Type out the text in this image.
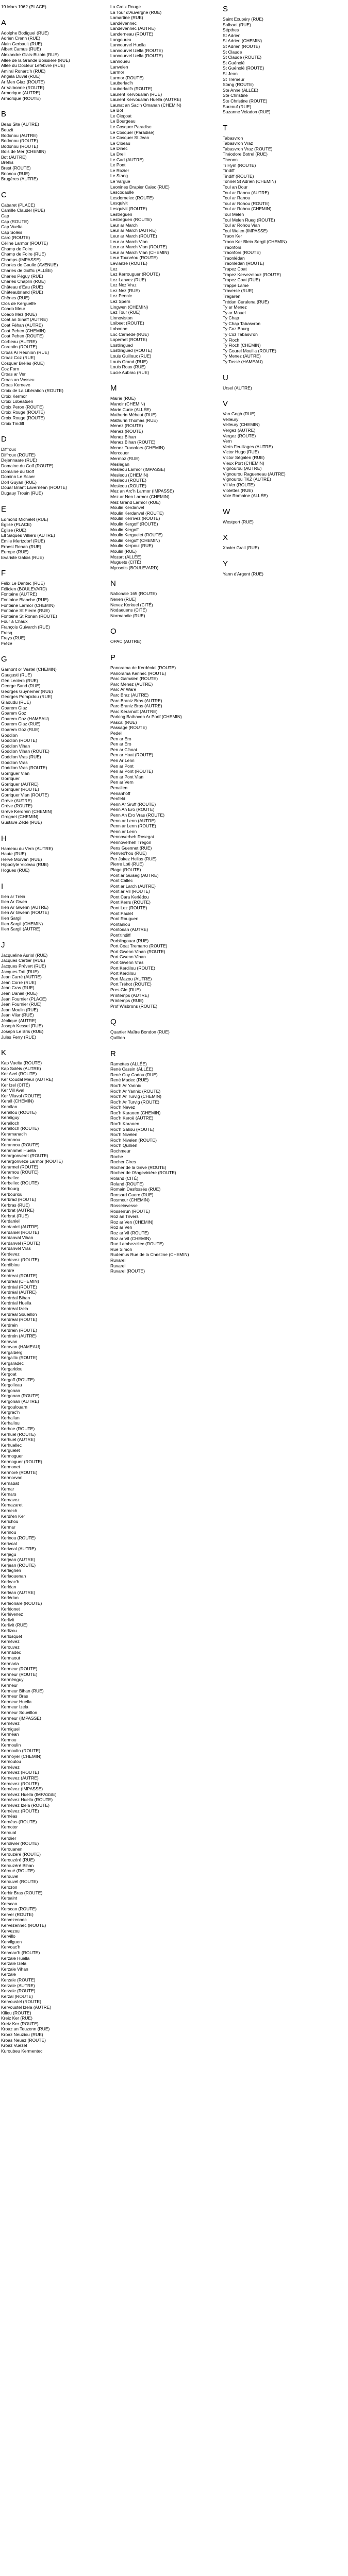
19 Mars 1962 (PLACE)
A
Adolphe Bodiguel (RUE)
Adrien Crenn (RUE)
Alain Gerbault (RUE)
Albert Camus (RUE)
Alexandre Glais-Bizoin (RUE)
Allée de la Grande Boissière (RUE)
Allée du Docteur Lefebvre (RUE)
Amiral Ronarc'h (RUE)
Angela Duval (RUE)
Ar Men Glaz (ROUTE)
Ar Valbonne (ROUTE)
Armorique (AUTRE)
Armorique (ROUTE)
B
Beau Site (AUTRE)
Beuzit
Bodonou (AUTRE)
Bodonou (ROUTE)
Bodonou (ROUTE)
Bois de Mer (CHEMIN)
Bot (AUTRE)
Bréhis
Brest (ROUTE)
Brionou (RUE)
Brugères (AUTRE)
C
Cabaret (PLACE)
Camille Claudel (RUE)
Cap
Cap (ROUTE)
Cap Vuelta
Cap Solèis
Caro (ROUTE)
Céline Larmor (ROUTE)
Champ de Foire
Champ de Foire (RUE)
Champs (IMPASSE)
Charles de Gaulle (AVENUE)
Charles de Goffic (ALLÉE)
Charles Péguy (RUE)
Charles Chaplin (RUE)
Château d'Eau (RUE)
Châteaubriand (RUE)
Chênes (RUE)
Clos de Kerguelfe
Coado Meur
Coado Mez (RUE)
Coat an Sinaff (AUTRE)
Coat Féhan (AUTRE)
Coat Pehen (CHEMIN)
Coat Pehen (ROUTE)
Corbeau (AUTRE)
Corentin (ROUTE)
Croas Ar Réunion (RUE)
Croaz Coz (RUE)
Cosquer Brélès (RUE)
Coz Forn
Croas ar Ver
Croas an Vosseu
Croas Kerneve
Croix de La Libération (ROUTE)
Croix Kermor
Croix Lobeatuen
Croix Peron (ROUTE)
Croix Rouge (ROUTE)
Croix Rouge (ROUTE)
Croix Tindiff
D
Diffroux
Diffroux (ROUTE)
Dejennaare (RUE)
Domaine du Golf (ROUTE)
Domaine du Golf
Dominn Le Scaer
Dorl Guyan (RUE)
Douar Briant Lavernéan (ROUTE)
Dugauy Trouin (RUE)
E
Edmond Michelet (RUE)
Église (PLACE)
Église (RUE)
Ell Saques Villiers (AUTRE)
Emile Mertzdorf (RUE)
Ernest Renan (RUE)
Europe (RUE)
Evariste Galois (RUE)
F
Félix Le Dantec (RUE)
Félicien (BOULEVARD)
Fontaine (AUTRE)
Fontaine Blanche (RUE)
Fontaine Larmor (CHEMIN)
Fontaine St Pierre (RUE)
Fontaine St Ronan (ROUTE)
Four à Chaux
François Guivarch (RUE)
Fresq
Freys (RUE)
Frézé
G
Garnont or Vestel (CHEMIN)
Gaugusti (RUE)
Gén Leclerc (RUE)
George Sand (RUE)
Georges Guynemer (RUE)
Georges Pompidou (RUE)
Glaoudu (RUE)
Goarem Glaz
Goarem Goz
Goarem Goz (HAMEAU)
Goarem Glaz (RUE)
Goarem Goz (RUE)
Goddion
Goddion (ROUTE)
Goddion Vihan
Goddion Vihan (ROUTE)
Goddion Vras (RUE)
Goddion Vras
Goddion Vras (ROUTE)
Gorriguer Vian
Gorriquer
Gorriquer (AUTRE)
Gorriquer (ROUTE)
Gorriquer Vian (ROUTE)
Grève (AUTRE)
Grève (ROUTE)
Grève Kerdrein (CHEMIN)
Grognet (CHEMIN)
Gustave Zédé (RUE)
H
Hameau du Vern (AUTRE)
Haute (RUE)
Hervé Morvan (RUE)
Hippolyte Violeau (RUE)
Hogues (RUE)
I
Ilien ar Trein
Ilien Ar Gwen
Ilien Ar Gwenn (AUTRE)
Ilien Ar Gwenn (ROUTE)
Ilien Sargil
Ilien Sargil (CHEMIN)
Ilien Sargil (AUTRE)
J
Jacqueline Auriol (RUE)
Jacques Cartier (RUE)
Jacques Prévert (RUE)
Jacques Tati (RUE)
Jean Carré (AUTRE)
Jean Corre (RUE)
Jean Cras (RUE)
Jean Daniel (RUE)
Jean Fournier (PLACE)
Jean Fournier (RUE)
Jean Moulin (RUE)
Jean Vilar (RUE)
Jéolique (AUTRE)
Joseph Kessel (RUE)
Joseph Le Bris (RUE)
Jules Ferry (RUE)
K
Kap Vuelta (ROUTE)
Kap Solèis (AUTRE)
Ker Avel (ROUTE)
Ker Coudal Meur (AUTRE)
Ker Izel (CITÉ)
Ker Vill Aval
Ker Vilaval (ROUTE)
Kerall (CHEMIN)
Kerallan
Kerallou (ROUTE)
Keraliguy
Keralloch
Keralloch (ROUTE)
Keramanac'h
Kerannou
Kerannou (ROUTE)
Kerannmel Huella
Kerargonveret (ROUTE)
Kerargonveze Larmor (ROUTE)
Kerarmel (ROUTE)
Kerarnou (ROUTE)
Kerbellec
Kerbellec (ROUTE)
Kerbourg
Kerbouriou
Kerbrad (ROUTE)
Kerbras (RUE)
Kerbrat (AUTRE)
Kerbrat (RUE)
Kerdaniel
Kerdaniel (AUTRE)
Kerdaniel (ROUTE)
Kerdanval Vihan
Kerdanvel (ROUTE)
Kerdanvel Vras
Kerdevez
Kerdevez (ROUTE)
Kerdibiou
Kerdré
Kerdreat (ROUTE)
Kerdréal (CHEMIN)
Kerdréal (ROUTE)
Kerdréal (AUTRE)
Kerdréal Bihan
Kerdréal Huella
Kerdréal Izela
Kerdréal Soueillon
Kerdréal (ROUTE)
Kerdrein
Kerdrein (ROUTE)
Kerdrein (AUTRE)
Keravan
Keravan (HAMEAU)
Kergalberg
Kergallic (ROUTE)
Kergaradec
Kergaridou
Kergoat
Kergoff (ROUTE)
Kergolleau
Kergonan
Kergonan (ROUTE)
Kergonan (AUTRE)
Kergoulouarn
Kergrac'h
Kerhallan
Kerhallou
Kerhoe (ROUTE)
Kerhuel (ROUTE)
Kerhuel (AUTRE)
Kerhuellec
Kerguelet
Kermoguer
Kermoguer (ROUTE)
Kermonet
Kermoré (ROUTE)
Kermorvan
Kernabat
Kernar
Kernars
Kernavez
Kernazaret
Kernech
Kerdi'en Ker
Kerichou
Kermar
Kerinou
Kerinou (ROUTE)
Kerivoal
Kerivoal (AUTRE)
Kerjagu
Kerjean (AUTRE)
Kerjean (ROUTE)
Kerlaghen
Kerlaouenan
Kerleac'h
Kerléan
Kerléan (AUTRE)
Kerlédan
Kerléonaré (ROUTE)
Kerléonet
Kerlévenez
Kerlivit
Kerlivit (RUE)
Kerlizou
Kerlosquet
Kernévez
Kerouvez
Kermadec
Kermaout
Kermaria
Kermeur (ROUTE)
Kermeur (ROUTE)
Kerménguy
Kermeur
Kermeur Bihan (RUE)
Kermeur Bras
Kermeur Huella
Kermeur Izela
Kermeur Soueillon
Kermeur (IMPASSE)
Kernévez
Kerniguel
Kerméan
Kermou
Kermoulin
Kermoulin (ROUTE)
Kermoyer (CHEMIN)
Kernoulou
Kernévez
Kernévez (ROUTE)
Kernevez (AUTRE)
Kernevez (ROUTE)
Kernévez (IMPASSE)
Kernévez Huella (IMPASSE)
Kernévez Huella (ROUTE)
Kernévez Izela (ROUTE)
Kernévez (ROUTE)
Kernéas
Kernéas (ROUTE)
Kernoter
Keroual
Kerolier
Kerolivier (ROUTE)
Kerouanen
Kerouzéré (ROUTE)
Kerouzéré (RUE)
Kerouzéré Bihan
Kéroué (ROUTE)
Kerouvel
Kerouvel (ROUTE)
Kerozon
Kerhir Bras (ROUTE)
Kersaint
Kerscao
Kerscao (ROUTE)
Kerver (ROUTE)
Kervezennec
Kervezennec (ROUTE)
Kervezou
Kervillo
Kervilguen
Kervoac'h
Kervoac'h (ROUTE)
Kerzale Huella
Kerzale Izela
Kerzale Vihan
Kerzale
Kerzale (ROUTE)
Kerzale (AUTRE)
Kerzale (ROUTE)
Kerzal (ROUTE)
Kervoustel (ROUTE)
Kervoustel Izela (AUTRE)
Kilieu (ROUTE)
Kreiz Ker (RUE)
Kreiz Ker (ROUTE)
Kroaz an Teuzenn (RUE)
Kroaz Neuziou (RUE)
Kroas Neuez (ROUTE)
Kroaz Vuezel
Kuroubeu Kermentec
La Croix Rouge
La Tour d'Auvergne (RUE)
Lamartine (RUE)
Landévennec
Landevennec (AUTRE)
Landerneau (ROUTE)
Langoureu
Lannourvel Huella
Lannourvel Izella (ROUTE)
Lannourvel Izella (ROUTE)
Lannoueu
Lanvelen
Larmor
Larmor (ROUTE)
Lauberlac'h
Lauberlac'h (ROUTE)
Laurent Kervoualan (RUE)
Laurent Kervoualan Huella (AUTRE)
Launat an Sac'h Omanan (CHEMIN)
Le Bot
Le Clegoat
Le Bourgeau
Le Cosquer Paradise
Le Cosquer (Paradise)
Le Cosquer St Jean
Le Cibeau
Le Dinec
Le Drell
Le Gad (AUTRE)
Le Pont
Le Rozier
Le Stang
Le Vargue
Leonines Drapier Calec (RUE)
Lescodaulle
Lesdornelec (ROUTE)
Lesquivit
Lesquivit (ROUTE)
Lestreguen
Lestreguen (ROUTE)
Leur ar March
Leur ar March (AUTRE)
Leur ar March (ROUTE)
Leur ar March Vian
Leur ar March Vian (ROUTE)
Leur ar March Vian (CHEMIN)
Leur Tourvéou (ROUTE)
Lévianzé (ROUTE)
Lez
Lez Kerrouguer (ROUTE)
Lez Lanvez (RUE)
Lez Nez Vraz
Lez Nez (RUE)
Lez Pennic
Lez Spern
Lingwen (CHEMIN)
Lez Tour (RUE)
Linnoviston
Loibeet (ROUTE)
Lobonne
Loc Carnéde (RUE)
Loperhet (ROUTE)
Lostlingued
Lostlingued (ROUTE)
Louis Guilloux (RUE)
Louis Grand (RUE)
Louis Roux (RUE)
Lucie Aubrac (RUE)
M
Mairie (RUE)
Manoir (CHEMIN)
Marie Curie (ALLÉE)
Mathurin Méheut (RUE)
Mathurin Thomas (RUE)
Menez (ROUTE)
Menez (ROUTE)
Menez Bihan
Menez Bihan (ROUTE)
Menez Traonfors (CHEMIN)
Mercouer
Mermoz (RUE)
Meslegan
Mesleou Larmor (IMPASSE)
Mesleou (CHEMIN)
Mesleou (ROUTE)
Mesleou (ROUTE)
Mez an Arc'h Larmor (IMPASSE)
Mez ar Nen Larmor (CHEMIN)
Mez Grand Larmor (RUE)
Moulin Kerdanvel
Moulin Kerdanvel (ROUTE)
Moulin Kerrivez (ROUTE)
Moulin Kergoff (ROUTE)
Moulin Kergoff
Moulin Kerguelet (ROUTE)
Moulin Kergoff (CHEMIN)
Moulin Kerpoul (RUE)
Moulin (RUE)
Mozart (ALLÉE)
Muguets (CITÉ)
Myosotis (BOULEVARD)
N
Nationale 165 (ROUTE)
Neven (RUE)
Nevez Kerkuel (CITÉ)
Nodaeuens (CITÉ)
Normandie (RUE)
O
OPAC (AUTRE)
P
Panorama de Kerdéniel (ROUTE)
Panorama Kerinec (ROUTE)
Parc Gamalen (ROUTE)
Parc Menez (AUTRE)
Parc Ar Ware
Parc Braz (AUTRE)
Parc Braniz Bras (AUTRE)
Parc Braniz Bras (AUTRE)
Parc Kerarnott (AUTRE)
Parking Bathaven Ar Porif (CHEMIN)
Pascal (RUE)
Passage (ROUTE)
Pedel
Pen ar Ero
Pen ar Ero
Pen ar C'hoat
Pen ar Hoat (ROUTE)
Pen Ar Lenn
Pen ar Pont
Pen ar Pont (ROUTE)
Pen ar Pont Vian
Pen ar Vern
Penallen
Penanhoff
Penfeld
Penn Ar Sruff (ROUTE)
Penn An Ero (ROUTE)
Penn An Ero Vras (ROUTE)
Penn ar Lenn (AUTRE)
Penn ar Lenn (ROUTE)
Penn ar Lenn
Pennoverheh Rosegat
Pennoverheh Tregon
Pens Guennet (RUE)
Penveo'hou (RUE)
Per Jakez Helias (RUE)
Pierre Loti (RUE)
Plage (ROUTE)
Pont ar Guiseg (AUTRE)
Pont Callec
Pont ar Larch (AUTRE)
Pont ar Vil (ROUTE)
Pont Cara Kerlédou
Pont Kerrs (ROUTE)
Pont Lez (ROUTE)
Pont Paulet
Pont Rouguen
Pontaniou
Pontorian (AUTRE)
Pont'tindiff
Porblingouar (RUE)
Port Coat Tremarro (ROUTE)
Port Gwenn Vihan (ROUTE)
Port Gwenn Vihan
Port Gwenn Vras
Port Kerdilou (ROUTE)
Port Kerdilou
Port Mazou (AUTRE)
Port Tréhot (ROUTE)
Pres Gle (RUE)
Printemps (AUTRE)
Printemps (RUE)
Prof Wisbrons (ROUTE)
Q
Quartier Maître Bondon (RUE)
Quillien
R
Ramettes (ALLÉE)
René Cassin (ALLÉE)
René Guy Cadou (RUE)
René Madec (RUE)
Roc'h Ar Yannic
Roc'h Ar Yannic (ROUTE)
Roc'h Ar Turvig (CHEMIN)
Roc'h Ar Turvig (ROUTE)
Roc'h Nevez
Roc'h Karaoen (CHEMIN)
Roc'h Keroë (AUTRE)
Roc'h Karaoen
Roc'h Saliou (ROUTE)
Roc'h Nivelen
Roc'h Nivelen (ROUTE)
Roc'h Quillien
Rochmeur
Roche
Rocher Cires
Rocher de la Grive (ROUTE)
Rocher de l'Angevinière (ROUTE)
Roland (CITÉ)
Roland (ROUTE)
Romain Desfossés (RUE)
Ronsard Guerc (RUE)
Rosmeur (CHEMIN)
Rosseinvesse
Rosserrun (ROUTE)
Roz an Trivers
Roz ar Ven (CHEMIN)
Roz ar Ven
Roz ar Vil (ROUTE)
Roz ar Vil (CHEMIN)
Rue Lambezellec (ROUTE)
Rue Simon
Rudemus Rue de la Christine (CHEMIN)
Ruvarel
Ruvarel
Ruvarel (ROUTE)
S
Saint Exupéry (RUE)
Salbaet (RUE)
Sépthes
St Adrien
St Adrien (CHEMIN)
St Adrien (ROUTE)
St Claude
St Claude (ROUTE)
St Guénolé
St Guénolé (ROUTE)
St Jean
St Tremeur
Stang (ROUTE)
Ste Anne (ALLÉE)
Ste Christine
Ste Christine (ROUTE)
Surcouf (RUE)
Suzanne Veladon (RUE)
T
Tabasvron
Tabasvron Vraz
Tabasvron Vraz (ROUTE)
Théodore Botrel (RUE)
Thenon
Ti Hym (ROUTE)
Tindiff
Tindiff (ROUTE)
Tonnel St Adrien (CHEMIN)
Toul an Dour
Toul ar Ranou (AUTRE)
Toul ar Ranou
Toul ar Rohou (ROUTE)
Toul ar Rohou (CHEMIN)
Toul Melen
Toul Melen Rueg (ROUTE)
Toul ar Rohou Vian
Toul Welen (IMPASSE)
Traon Ker
Traon Ker Blein Sergil (CHEMIN)
Traonfors
Traonfors (ROUTE)
Traonlédan
Traonlédan (ROUTE)
Trapez Coat
Trapez Kervezelouz (ROUTE)
Trapez Coat (RUE)
Trappe Lame
Traverse (RUE)
Trégaren
Trédan Curalena (RUE)
Ty ar Menez
Ty ar Mouel
Ty Chap
Ty Chap Tabasvron
Ty Coz Bourg
Ty Coz Tabasvron
Ty Floch
Ty Floch (CHEMIN)
Ty Gourel Mouilla (ROUTE)
Ty Menez (AUTRE)
Ty Tossé (HAMEAU)
U
Ursel (AUTRE)
V
Van Gogh (RUE)
Velleury
Velleury (CHEMIN)
Vergez (AUTRE)
Vergez (ROUTE)
Vern
Verts Feuillages (AUTRE)
Victor Hugo (RUE)
Victor Ségalen (RUE)
Vieux Port (CHEMIN)
Vignourou (AUTRE)
Vignourou Ragueneau (AUTRE)
Vignourou TKZ (AUTRE)
Vil Ver (ROUTE)
Violettes (RUE)
Voie Romaine (ALLÉE)
W
Westport (RUE)
X
Xavier Grall (RUE)
Y
Yann d'Argent (RUE)
